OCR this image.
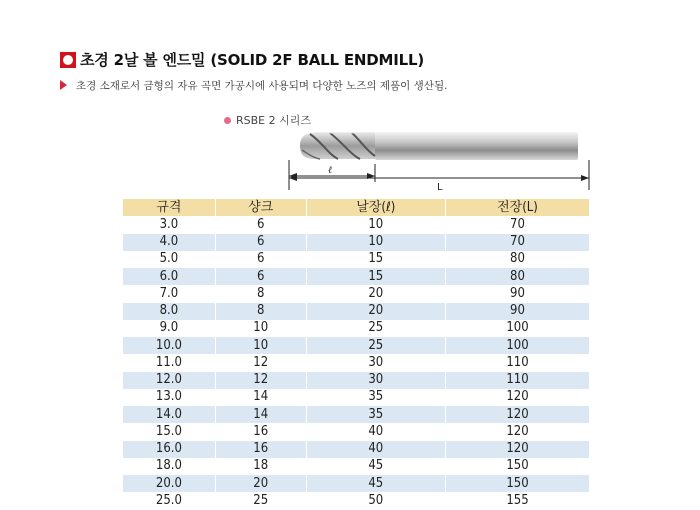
초경 2날 볼 엔드밀 (SOLID 2F BALL ENDMILL)
초경 소재로서 금형의 자유 곡면 가공시에 사용되며 다양한 노즈의 제품이 생산됨.
RSBE 2 시리즈
ℓ
L
규격	샹크	날장(ℓ)	전장(L)
3.0	6	10	70
4.0	6	10	70
5.0	6	15	80
6.0	6	15	80
7.0	8	20	90
8.0	8	20	90
9.0	10	25	100
10.0	10	25	100
11.0	12	30	110
12.0	12	30	110
13.0	14	35	120
14.0	14	35	120
15.0	16	40	120
16.0	16	40	120
18.0	18	45	150
20.0	20	45	150
25.0	25	50	155
